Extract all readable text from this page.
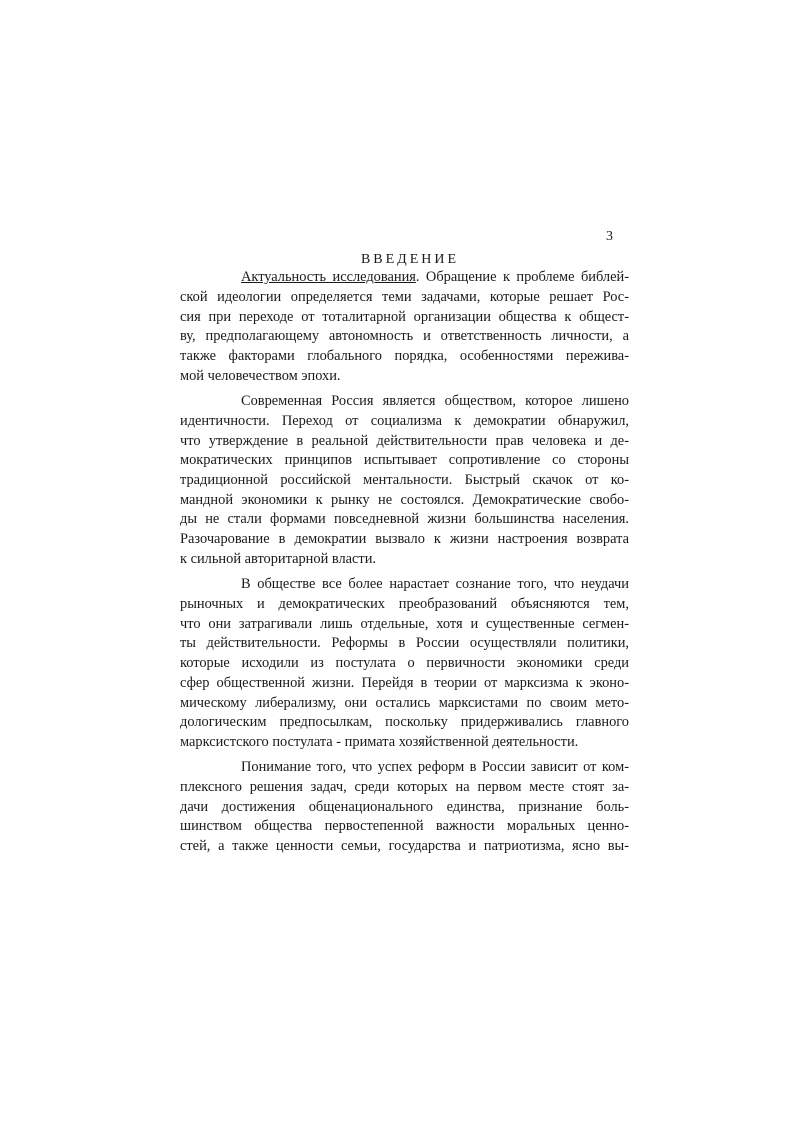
3
ВВЕДЕНИЕ
Актуальность исследования. Обращение к проблеме библей-
ской идеологии определяется теми задачами, которые решает Рос-
сия при переходе от тоталитарной организации общества к общест-
ву, предполагающему автономность и ответственность личности, а
также факторами глобального порядка, особенностями пережива-
мой человечеством эпохи.
Современная Россия является обществом, которое лишено
идентичности. Переход от социализма к демократии обнаружил,
что утверждение в реальной действительности прав человека и де-
мократических принципов испытывает сопротивление со стороны
традиционной российской ментальности. Быстрый скачок от ко-
мандной экономики к рынку не состоялся. Демократические свобо-
ды не стали формами повседневной жизни большинства населения.
Разочарование в демократии вызвало к жизни настроения возврата
к сильной авторитарной власти.
В обществе все более нарастает сознание того, что неудачи
рыночных и демократических преобразований объясняются тем,
что они затрагивали лишь отдельные, хотя и существенные сегмен-
ты действительности. Реформы в России осуществляли политики,
которые исходили из постулата о первичности экономики среди
сфер общественной жизни. Перейдя в теории от марксизма к эконо-
мическому либерализму, они остались марксистами по своим мето-
дологическим предпосылкам, поскольку придерживались главного
марксистского постулата - примата хозяйственной деятельности.
Понимание того, что успех реформ в России зависит от ком-
плексного решения задач, среди которых на первом месте стоят за-
дачи достижения общенационального единства, признание боль-
шинством общества первостепенной важности моральных ценно-
стей, а также ценности семьи, государства и патриотизма, ясно вы-
